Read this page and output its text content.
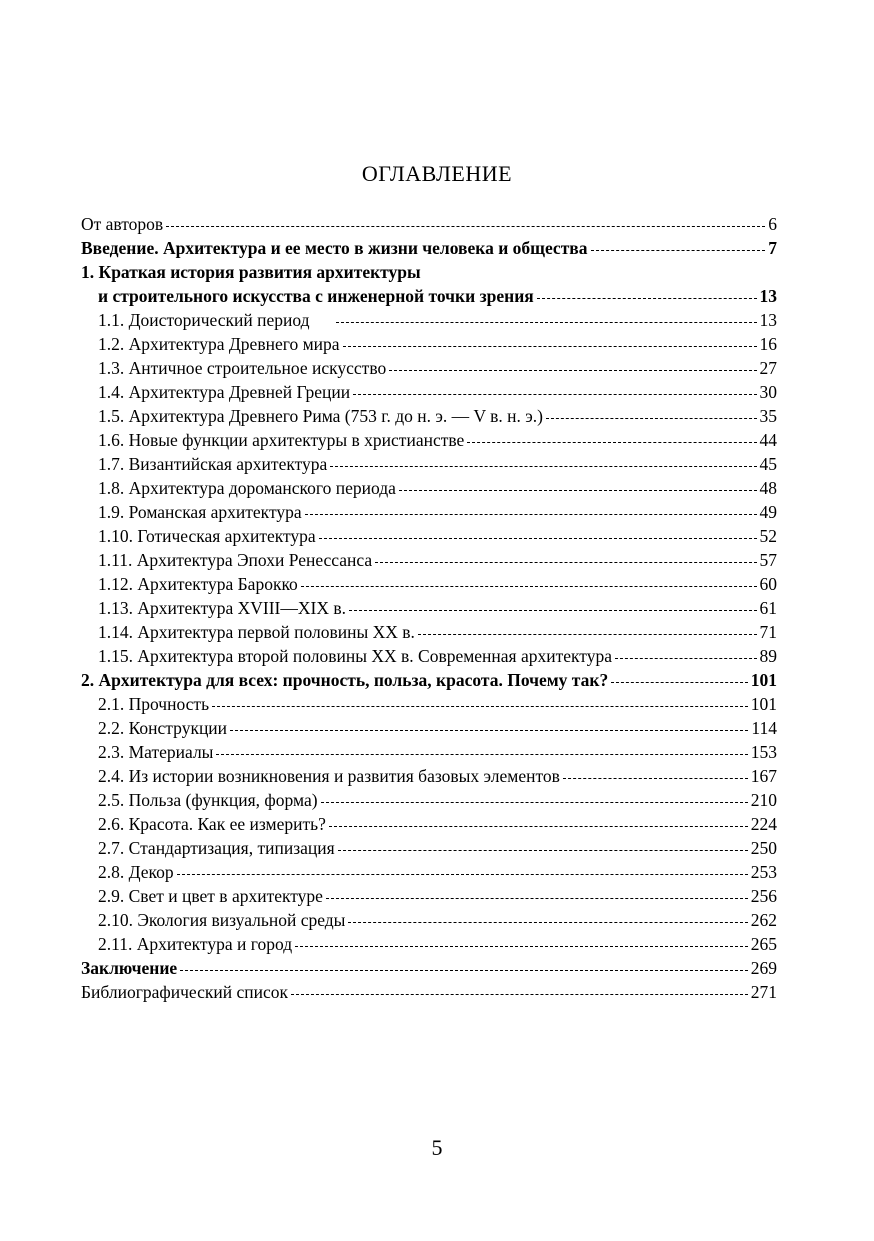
ОГЛАВЛЕНИЕ
От авторов	6
Введение. Архитектура и ее место в жизни человека и общества	7
1. Краткая история развития архитектуры
и строительного искусства с инженерной точки зрения	13
1.1. Доисторический период	13
1.2. Архитектура Древнего мира	16
1.3. Античное строительное искусство	27
1.4. Архитектура Древней Греции	30
1.5. Архитектура Древнего Рима (753 г. до н. э. — V в. н. э.)	35
1.6. Новые функции архитектуры в христианстве	44
1.7. Византийская архитектура	45
1.8. Архитектура дороманского периода	48
1.9. Романская архитектура	49
1.10. Готическая архитектура	52
1.11. Архитектура Эпохи Ренессанса	57
1.12. Архитектура Барокко	60
1.13. Архитектура XVIII—XIX в.	61
1.14. Архитектура первой половины XX в.	71
1.15. Архитектура второй половины XX в. Современная архитектура	89
2. Архитектура для всех: прочность, польза, красота. Почему так?	101
2.1. Прочность	101
2.2. Конструкции	114
2.3. Материалы	153
2.4. Из истории возникновения и развития базовых элементов	167
2.5. Польза (функция, форма)	210
2.6. Красота. Как ее измерить?	224
2.7. Стандартизация, типизация	250
2.8. Декор	253
2.9. Свет и цвет в архитектуре	256
2.10. Экология визуальной среды	262
2.11. Архитектура и город	265
Заключение	269
Библиографический список	271
5
